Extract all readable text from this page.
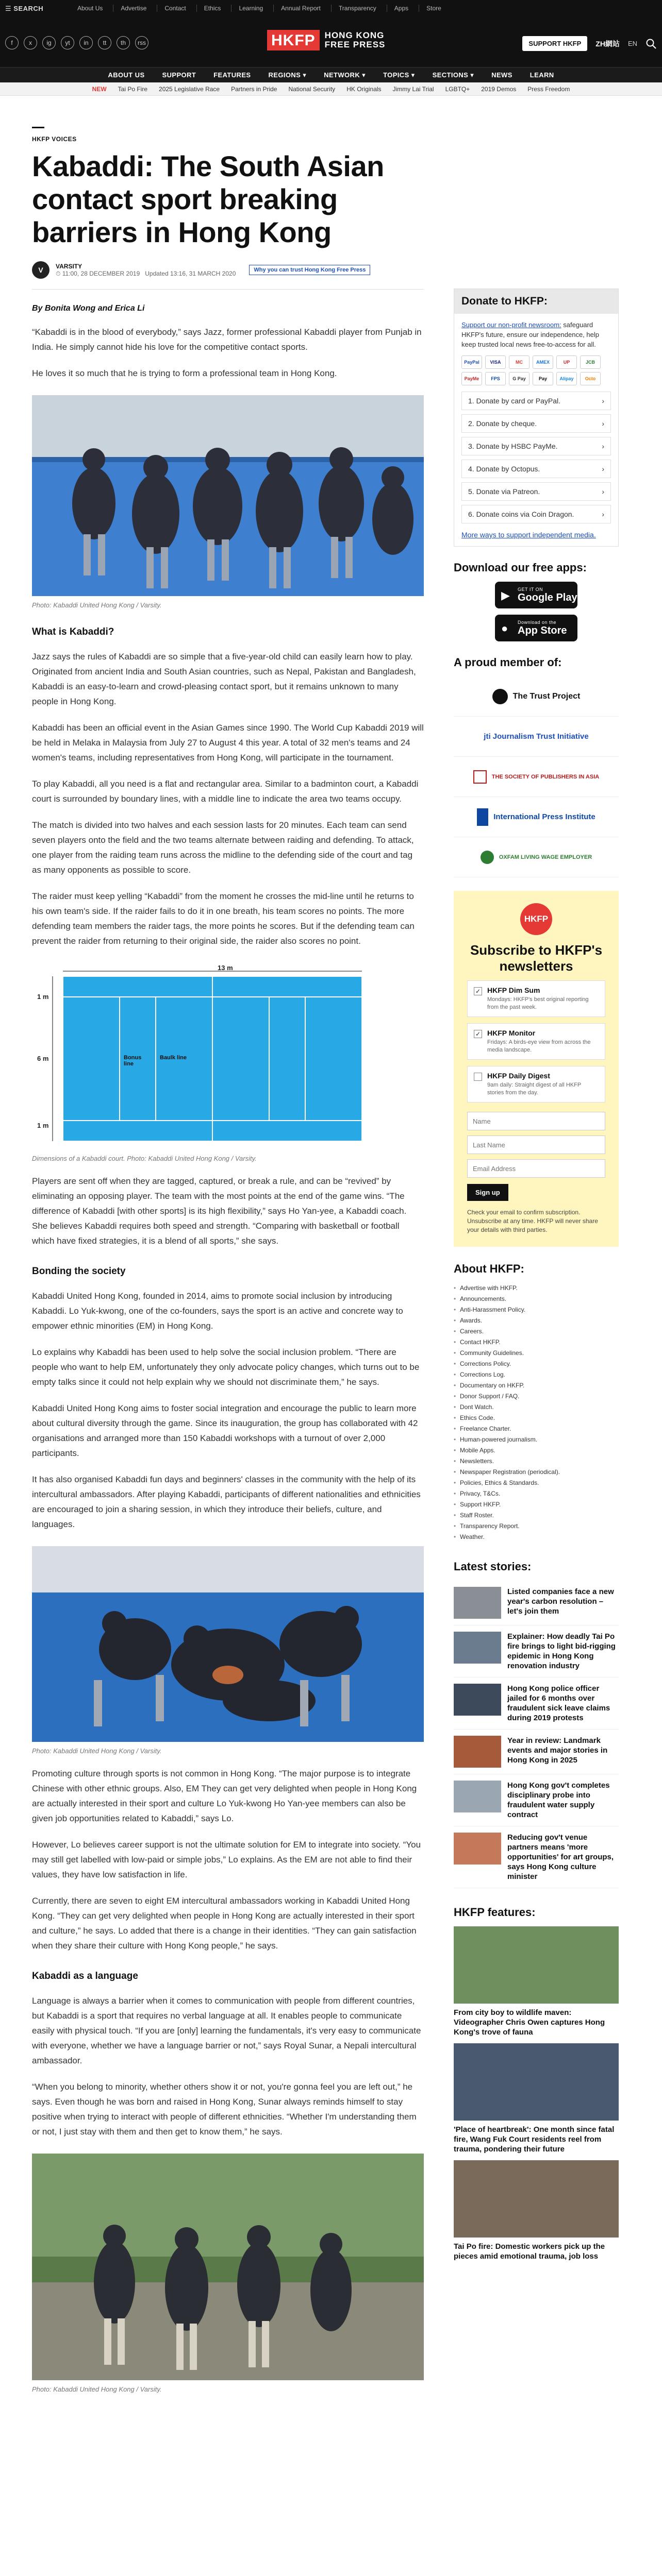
☰ SEARCH	About Us	Advertise	Contact	Ethics	Learning	Annual Report	Transparency	Apps	Store
f	x	ig	yt	in	tt	th	rss	HKFP	HONG KONG
FREE PRESS	SUPPORT HKFP	ZH網站 EN
ABOUT US	SUPPORT	FEATURES	REGIONS ▾	NETWORK ▾	TOPICS ▾	SECTIONS ▾	NEWS	LEARN
NEW Tai Po Fire 2025 Legislative Race Partners in Pride National Security HK Originals Jimmy Lai Trial LGBTQ+ 2019 Demos Press Freedom
HKFP VOICES
Kabaddi: The South Asian contact sport breaking barriers in Hong Kong
V	VARSITY
⏱ 11:00, 28 DECEMBER 2019 Updated 13:16, 31 MARCH 2020	Why you can trust Hong Kong Free Press
By Bonita Wong and Erica Li

“Kabaddi is in the blood of everybody,” says Jazz, former professional Kabaddi player from Punjab in India. He simply cannot hide his love for the competitive contact sports.

He loves it so much that he is trying to form a professional team in Hong Kong.

Photo: Kabaddi United Hong Kong / Varsity.
What is Kabaddi?

Jazz says the rules of Kabaddi are so simple that a five-year-old child can easily learn how to play. Originated from ancient India and South Asian countries, such as Nepal, Pakistan and Bangladesh, Kabaddi is an easy-to-learn and crowd-pleasing contact sport, but it remains unknown to many people in Hong Kong.

Kabaddi has been an official event in the Asian Games since 1990. The World Cup Kabaddi 2019 will be held in Melaka in Malaysia from July 27 to August 4 this year. A total of 32 men's teams and 24 women's teams, including representatives from Hong Kong, will participate in the tournament.

To play Kabaddi, all you need is a flat and rectangular area. Similar to a badminton court, a Kabaddi court is surrounded by boundary lines, with a middle line to indicate the area two teams occupy.

The match is divided into two halves and each session lasts for 20 minutes. Each team can send seven players onto the field and the two teams alternate between raiding and defending. To attack, one player from the raiding team runs across the midline to the defending side of the court and tag as many opponents as possible to score.

The raider must keep yelling “Kabaddi” from the moment he crosses the mid-line until he returns to his own team's side. If the raider fails to do it in one breath, his team scores no points. The more defending team members the raider tags, the more points he scores. But if the defending team can prevent the raider from returning to their original side, the raider also scores no point.

13 m
1 m
6 m
1 m
Bonus line
Baulk line
Dimensions of a Kabaddi court. Photo: Kabaddi United Hong Kong / Varsity.

Players are sent off when they are tagged, captured, or break a rule, and can be “revived” by eliminating an opposing player. The team with the most points at the end of the game wins. “The difference of Kabaddi [with other sports] is its high flexibility,” says Ho Yan-yee, a Kabaddi coach. She believes Kabaddi requires both speed and strength. “Comparing with basketball or football which have fixed strategies, it is a blend of all sports,” she says.

Bonding the society

Kabaddi United Hong Kong, founded in 2014, aims to promote social inclusion by introducing Kabaddi. Lo Yuk-kwong, one of the co-founders, says the sport is an active and concrete way to empower ethnic minorities (EM) in Hong Kong.

Lo explains why Kabaddi has been used to help solve the social inclusion problem. “There are people who want to help EM, unfortunately they only advocate policy changes, which turns out to be empty talks since it could not help explain why we should not discriminate them,” he says.

Kabaddi United Hong Kong aims to foster social integration and encourage the public to learn more about cultural diversity through the game. Since its inauguration, the group has collaborated with 42 organisations and arranged more than 150 Kabaddi workshops with a turnout of over 2,000 participants.

It has also organised Kabaddi fun days and beginners' classes in the community with the help of its intercultural ambassadors. After playing Kabaddi, participants of different nationalities and ethnicities are encouraged to join a sharing session, in which they introduce their beliefs, culture, and languages.

Photo: Kabaddi United Hong Kong / Varsity.

Promoting culture through sports is not common in Hong Kong. “The major purpose is to integrate Chinese with other ethnic groups. Also, EM They can get very delighted when people in Hong Kong are actually interested in their sport and culture Lo Yuk-kwong Ho Yan-yee members can also be given job opportunities related to Kabaddi,” says Lo.

However, Lo believes career support is not the ultimate solution for EM to integrate into society. “You may still get labelled with low-paid or simple jobs,” Lo explains. As the EM are not able to find their values, they have low satisfaction in life.

Currently, there are seven to eight EM intercultural ambassadors working in Kabaddi United Hong Kong. “They can get very delighted when people in Hong Kong are actually interested in their sport and culture,” he says. Lo added that there is a change in their identities. “They can gain satisfaction when they share their culture with Hong Kong people,” he says.

Kabaddi as a language

Language is always a barrier when it comes to communication with people from different countries, but Kabaddi is a sport that requires no verbal language at all. It enables people to communicate easily with physical touch. “If you are [only] learning the fundamentals, it's very easy to communicate with everyone, whether we have a language barrier or not,” says Royal Sunar, a Nepali intercultural ambassador.

“When you belong to minority, whether others show it or not, you're gonna feel you are left out,” he says. Even though he was born and raised in Hong Kong, Sunar always reminds himself to stay positive when trying to interact with people of different ethnicities. “Whether I'm understanding them or not, I just stay with them and then get to know them,” he says.

Photo: Kabaddi United Hong Kong / Varsity.
Donate to HKFP:
Support our non-profit newsroom: safeguard HKFP's future, ensure our independence, help keep trusted local news free-to-access for all.
PayPal	VISA	MC	AMEX	UP	JCB
PayMe	FPS	G Pay	Pay	Alipay	Octo
1. Donate by card or PayPal.	›
2. Donate by cheque.	›
3. Donate by HSBC PayMe.	›
4. Donate by Octopus.	›
5. Donate via Patreon.	›
6. Donate coins via Coin Dragon.	›
More ways to support independent media.
Download our free apps:
▶ GET IT ON
Google Play
● Download on the
App Store
A proud member of:
The Trust Project
jti Journalism Trust Initiative
THE SOCIETY OF PUBLISHERS IN ASIA
International Press Institute
OXFAM LIVING WAGE EMPLOYER
HKFP
Subscribe to HKFP's newsletters
✓ HKFP Dim Sum
Mondays: HKFP's best original reporting from the past week.
✓ HKFP Monitor
Fridays: A birds-eye view from across the media landscape.
HKFP Daily Digest
9am daily: Straight digest of all HKFP stories from the day.
Name Last Name Email Address Sign up
Check your email to confirm subscription. Unsubscribe at any time. HKFP will never share your details with third parties.
About HKFP:
• Advertise with HKFP.
• Announcements.
• Anti-Harassment Policy.
• Awards.
• Careers.
• Contact HKFP.
• Community Guidelines.
• Corrections Policy.
• Corrections Log.
• Documentary on HKFP.
• Donor Support / FAQ.
• Dont Watch.
• Ethics Code.
• Freelance Charter.
• Human-powered journalism.
• Mobile Apps.
• Newsletters.
• Newspaper Registration (periodical).
• Policies, Ethics & Standards.
• Privacy, T&Cs.
• Support HKFP.
• Staff Roster.
• Transparency Report.
• Weather.
Latest stories:
Listed companies face a new year's carbon resolution – let's join them
Explainer: How deadly Tai Po fire brings to light bid-rigging epidemic in Hong Kong renovation industry
Hong Kong police officer jailed for 6 months over fraudulent sick leave claims during 2019 protests
Year in review: Landmark events and major stories in Hong Kong in 2025
Hong Kong gov't completes disciplinary probe into fraudulent water supply contract
Reducing gov't venue partners means 'more opportunities' for art groups, says Hong Kong culture minister
HKFP features:
From city boy to wildlife maven: Videographer Chris Owen captures Hong Kong's trove of fauna
'Place of heartbreak': One month since fatal fire, Wang Fuk Court residents reel from trauma, pondering their future
Tai Po fire: Domestic workers pick up the pieces amid emotional trauma, job loss
